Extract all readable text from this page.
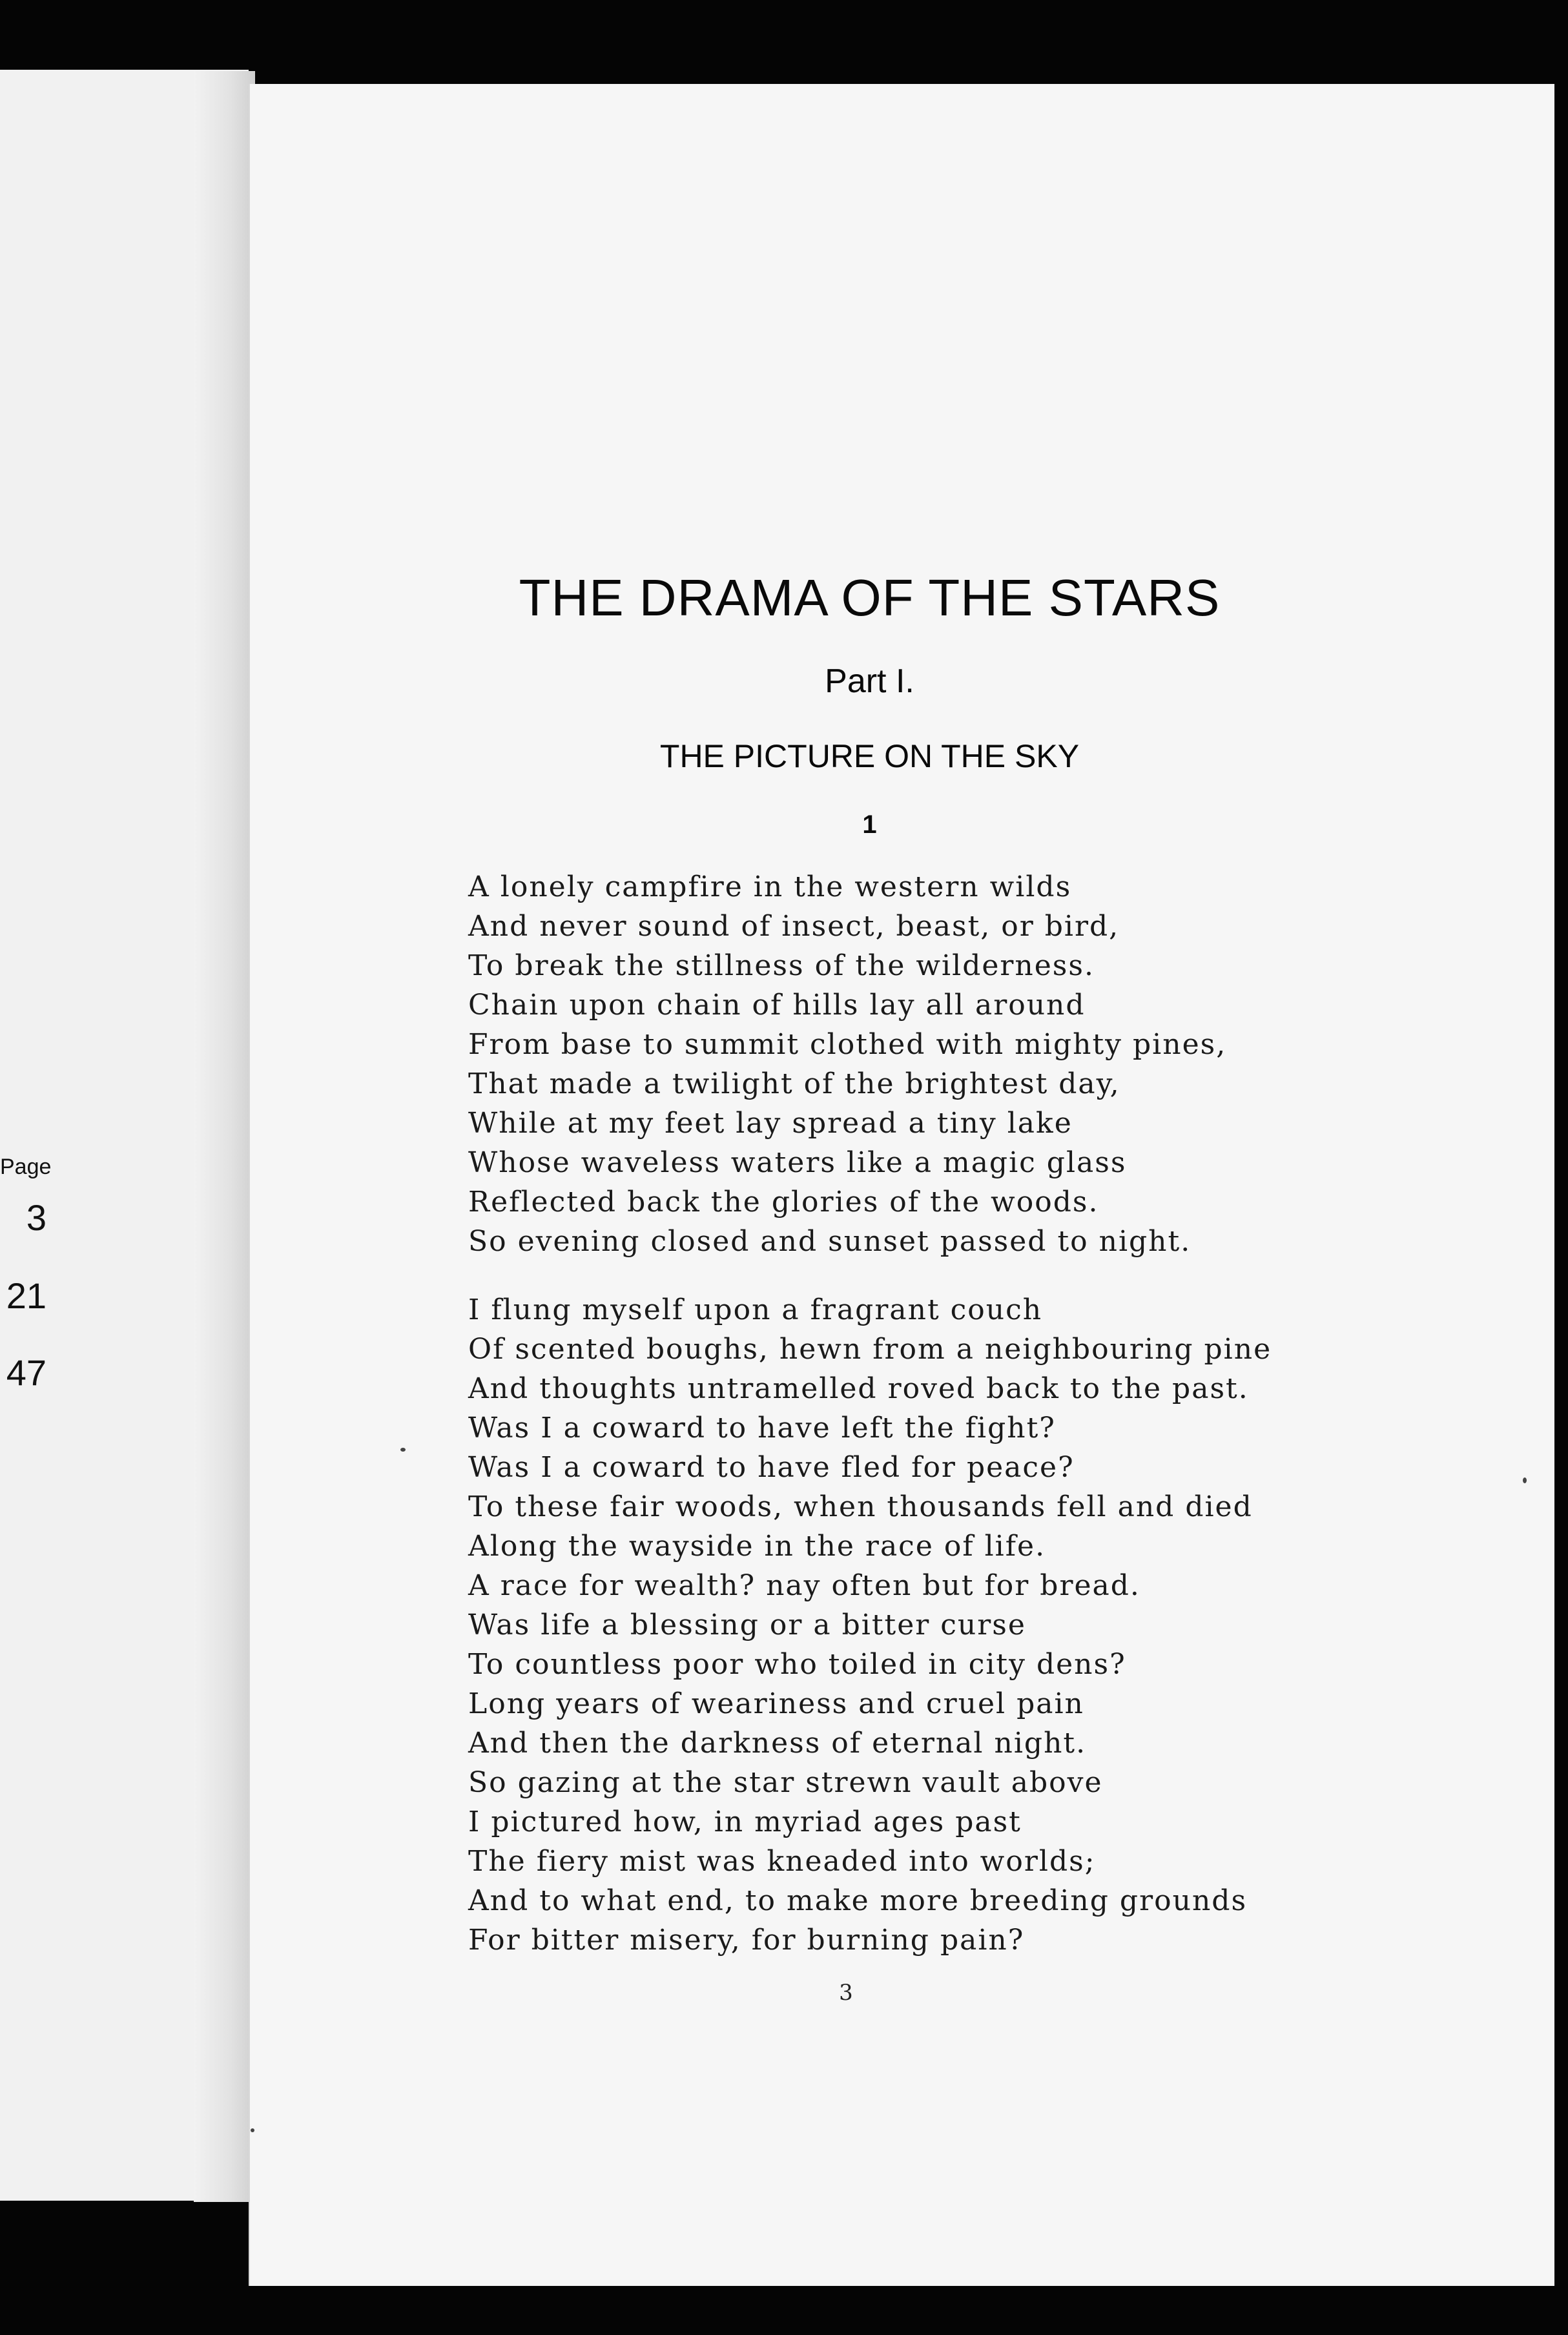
Page
3
21
47
THE DRAMA OF THE STARS
Part I.
THE PICTURE ON THE SKY
1
A lonely campfire in the western wilds
And never sound of insect, beast, or bird,
To break the stillness of the wilderness.
Chain upon chain of hills lay all around
From base to summit clothed with mighty pines,
That made a twilight of the brightest day,
While at my feet lay spread a tiny lake
Whose waveless waters like a magic glass
Reflected back the glories of the woods.
So evening closed and sunset passed to night.
I flung myself upon a fragrant couch
Of scented boughs, hewn from a neighbouring pine
And thoughts untramelled roved back to the past.
Was I a coward to have left the fight?
Was I a coward to have fled for peace?
To these fair woods, when thousands fell and died
Along the wayside in the race of life.
A race for wealth? nay often but for bread.
Was life a blessing or a bitter curse
To countless poor who toiled in city dens?
Long years of weariness and cruel pain
And then the darkness of eternal night.
So gazing at the star strewn vault above
I pictured how, in myriad ages past
The fiery mist was kneaded into worlds;
And to what end, to make more breeding grounds
For bitter misery, for burning pain?
3
